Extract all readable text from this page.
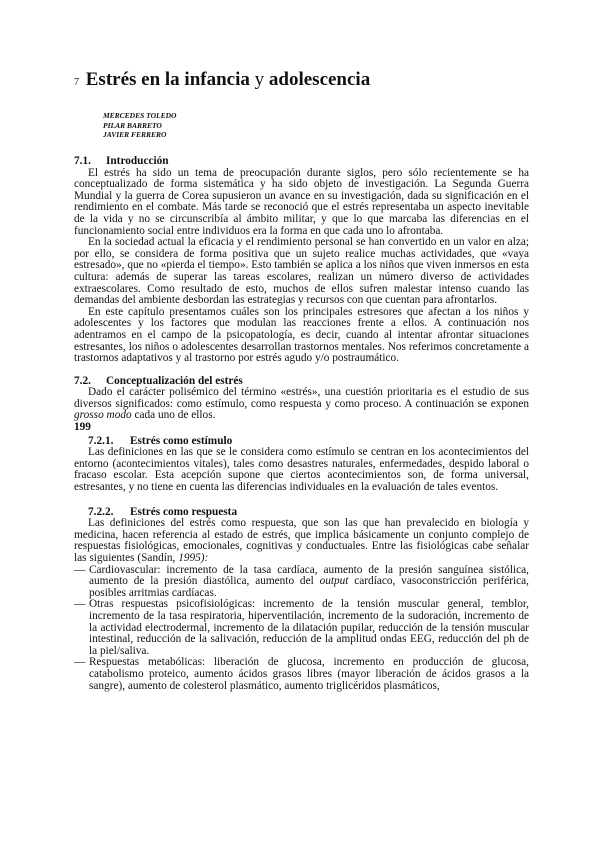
7 Estrés en la infancia y adolescencia
MERCEDES TOLEDO
PILAR BARRETO
JAVIER FERRERO
7.1. Introducción

El estrés ha sido un tema de preocupación durante siglos, pero sólo recientemente se ha conceptualizado de forma sistemática y ha sido objeto de investigación. La Segunda Guerra Mundial y la guerra de Corea supusieron un avance en su investigación, dada su significación en el rendimiento en el combate. Más tarde se reconoció que el estrés representaba un aspecto inevitable de la vida y no se circunscribía al ámbito militar, y que lo que marcaba las diferencias en el funcionamiento social entre individuos era la forma en que cada uno lo afrontaba.

En la sociedad actual la eficacia y el rendimiento personal se han convertido en un valor en alza; por ello, se considera de forma positiva que un sujeto realice muchas actividades, que «vaya estresado», que no «pierda el tiempo». Esto también se aplica a los niños que viven inmersos en esta cultura: además de superar las tareas escolares, realizan un número diverso de actividades extraescolares. Como resultado de esto, muchos de ellos sufren malestar intenso cuando las demandas del ambiente desbordan las estrategias y recursos con que cuentan para afrontarlos.

En este capítulo presentamos cuáles son los principales estresores que afectan a los niños y adolescentes y los factores que modulan las reacciones frente a ellos. A continuación nos adentramos en el campo de la psicopatología, es decir, cuando al intentar afrontar situaciones estresantes, los niños o adolescentes desarrollan trastornos mentales. Nos referimos concretamente a trastornos adaptativos y al trastorno por estrés agudo y/o postraumático.

7.2. Conceptualización del estrés

Dado el carácter polisémico del término «estrés», una cuestión prioritaria es el estudio de sus diversos significados: como estímulo, como respuesta y como proceso. A continuación se exponen grosso modo cada uno de ellos.

199
7.2.1. Estrés como estímulo

Las definiciones en las que se le considera como estímulo se centran en los acontecimientos del entorno (acontecimientos vitales), tales como desastres naturales, enfermedades, despido laboral o fracaso escolar. Esta acepción supone que ciertos acontecimientos son, de forma universal, estresantes, y no tiene en cuenta las diferencias individuales en la evaluación de tales eventos.

7.2.2. Estrés como respuesta

Las definiciones del estrés como respuesta, que son las que han prevalecido en biología y medicina, hacen referencia al estado de estrés, que implica básicamente un conjunto complejo de respuestas fisiológicas, emocionales, cognitivas y conductuales. Entre las fisiológicas cabe señalar las siguientes (Sandín, 1995):

— Cardiovascular: incremento de la tasa cardíaca, aumento de la presión sanguínea sistólica, aumento de la presión diastólica, aumento del output cardíaco, vasoconstricción periférica, posibles arritmias cardíacas.
— Otras respuestas psicofisiológicas: incremento de la tensión muscular general, temblor, incremento de la tasa respiratoria, hiperventilación, incremento de la sudoración, incremento de la actividad electrodermal, incremento de la dilatación pupilar, reducción de la tensión muscular intestinal, reducción de la salivación, reducción de la amplitud ondas EEG, reducción del ph de la piel/saliva.
— Respuestas metabólicas: liberación de glucosa, incremento en producción de glucosa, catabolismo proteico, aumento ácidos grasos libres (mayor liberación de ácidos grasos a la sangre), aumento de colesterol plasmático, aumento triglicéridos plasmáticos,
